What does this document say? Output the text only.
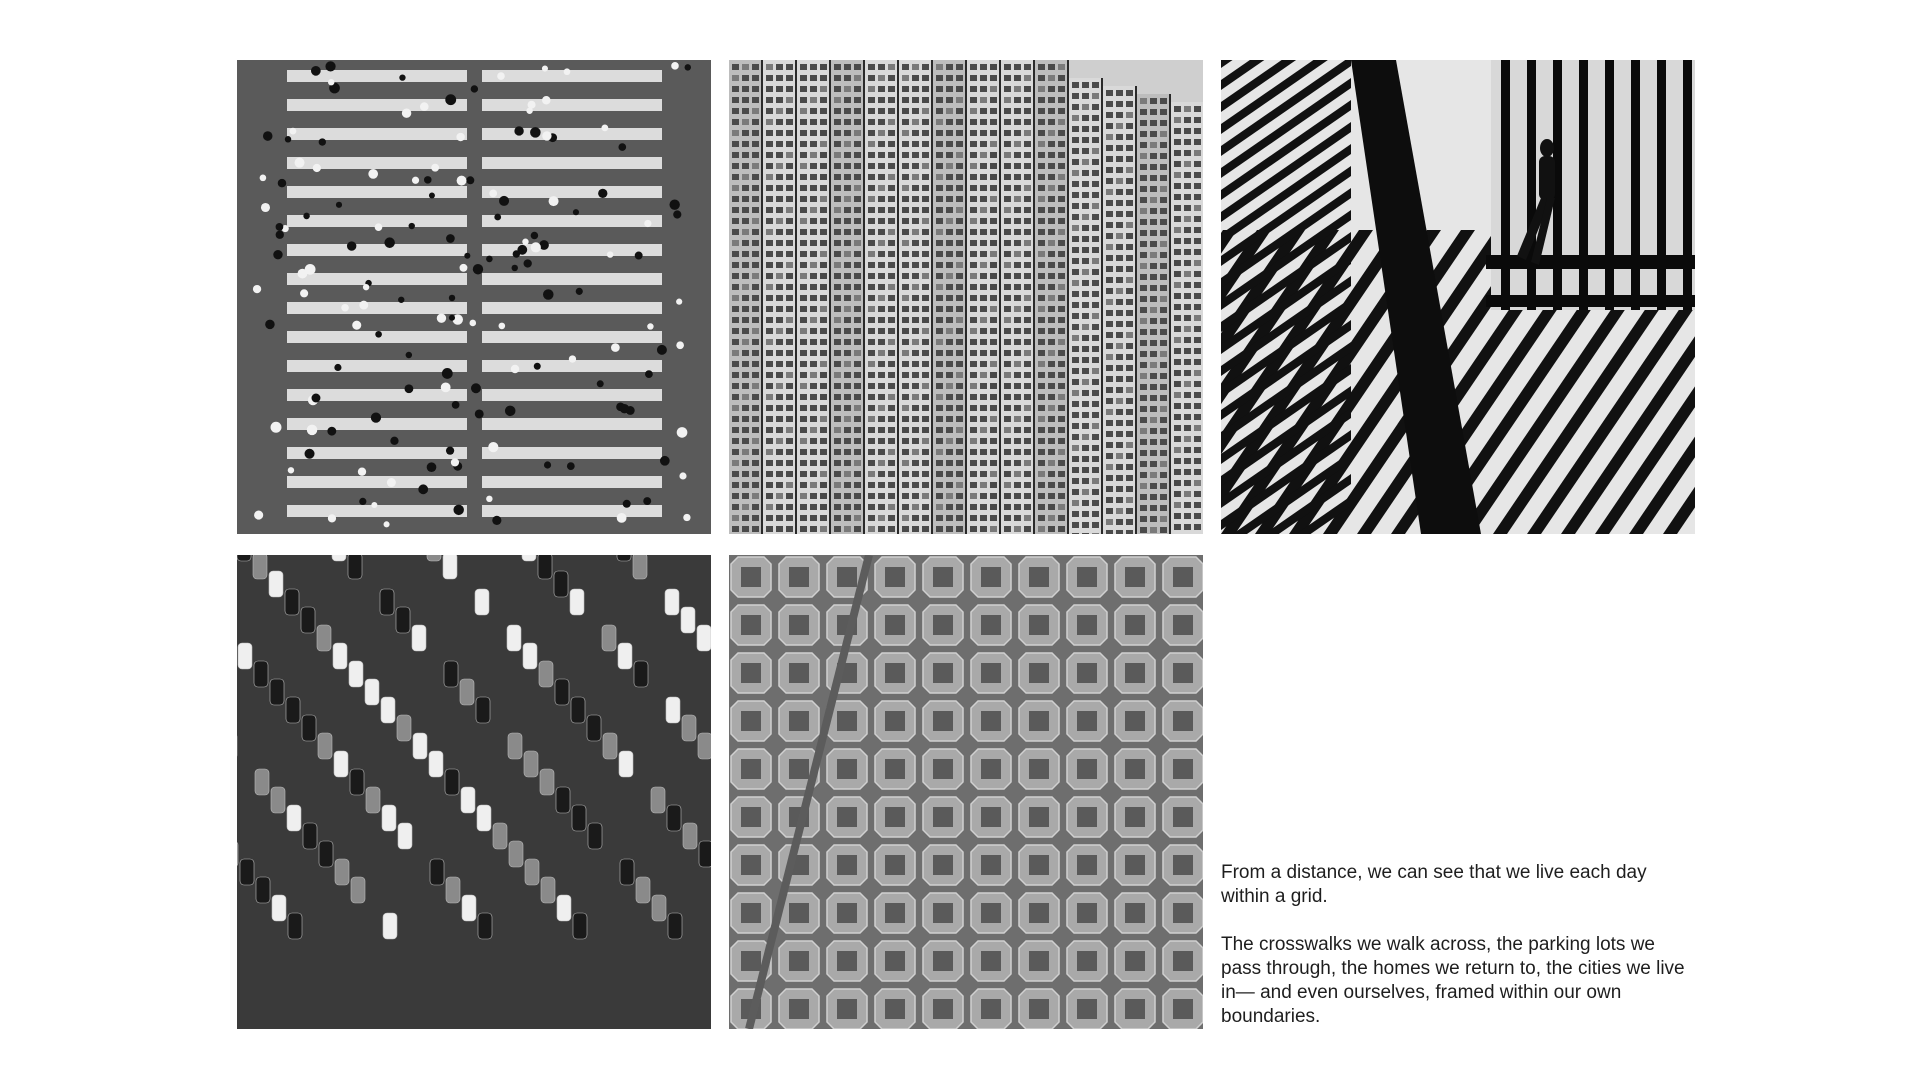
From a distance, we can see that we live each day within a grid.

The crosswalks we walk across, the parking lots we pass through, the homes we return to, the cities we live in— and even ourselves, framed within our own boundaries.
